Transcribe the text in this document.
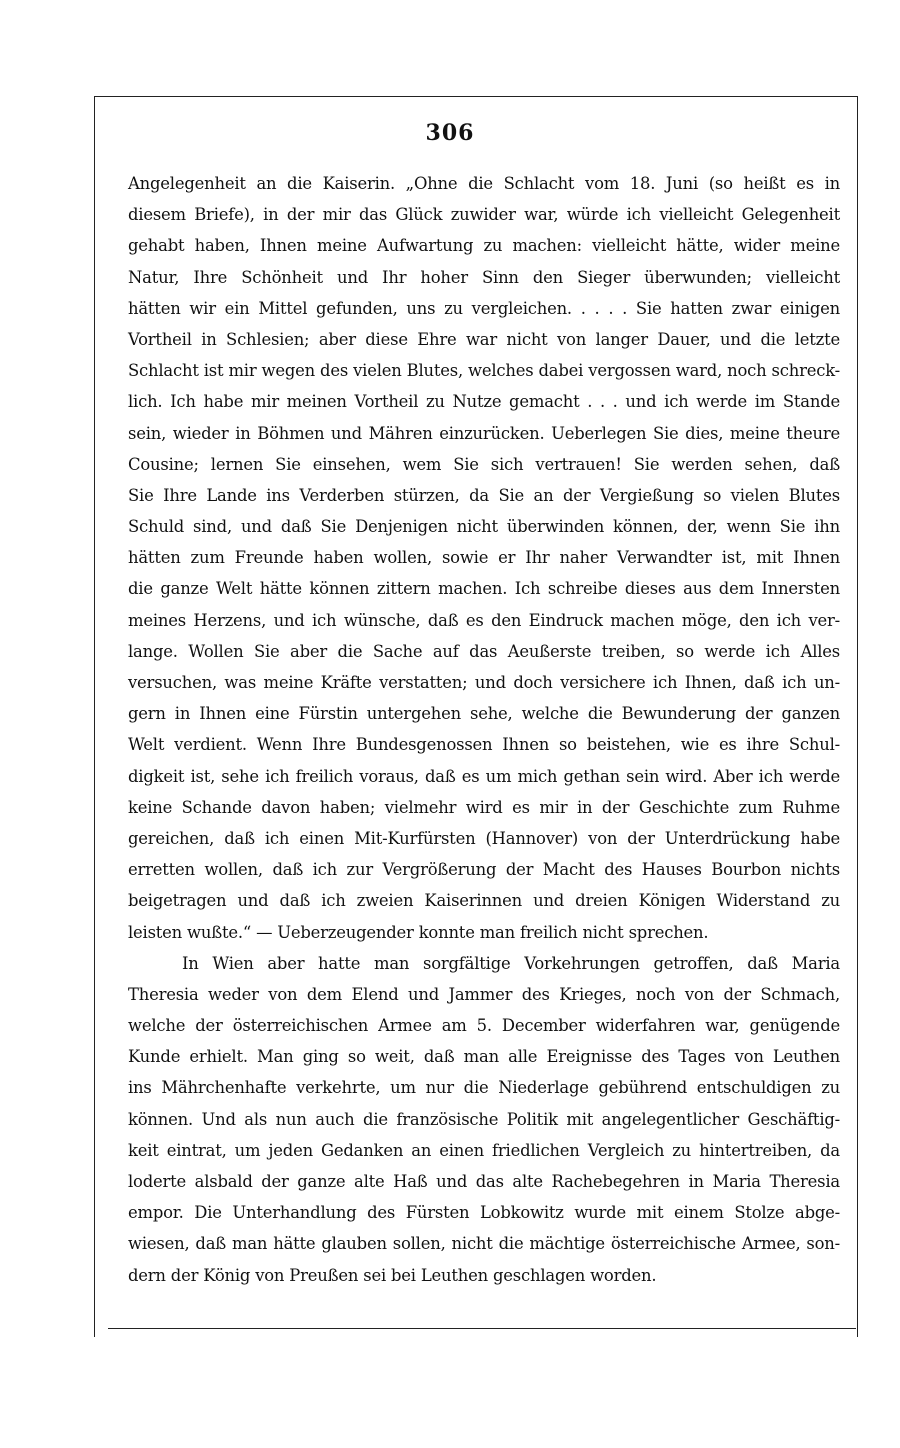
306
Angelegenheit an die Kaiserin. „Ohne die Schlacht vom 18. Juni (so heißt es in
diesem Briefe), in der mir das Glück zuwider war, würde ich vielleicht Gelegenheit
gehabt haben, Ihnen meine Aufwartung zu machen: vielleicht hätte, wider meine
Natur, Ihre Schönheit und Ihr hoher Sinn den Sieger überwunden; vielleicht
hätten wir ein Mittel gefunden, uns zu vergleichen. . . . . Sie hatten zwar einigen
Vortheil in Schlesien; aber diese Ehre war nicht von langer Dauer, und die letzte
Schlacht ist mir wegen des vielen Blutes, welches dabei vergossen ward, noch schreck-
lich. Ich habe mir meinen Vortheil zu Nutze gemacht . . . und ich werde im Stande
sein, wieder in Böhmen und Mähren einzurücken. Ueberlegen Sie dies, meine theure
Cousine; lernen Sie einsehen, wem Sie sich vertrauen! Sie werden sehen, daß
Sie Ihre Lande ins Verderben stürzen, da Sie an der Vergießung so vielen Blutes
Schuld sind, und daß Sie Denjenigen nicht überwinden können, der, wenn Sie ihn
hätten zum Freunde haben wollen, sowie er Ihr naher Verwandter ist, mit Ihnen
die ganze Welt hätte können zittern machen. Ich schreibe dieses aus dem Innersten
meines Herzens, und ich wünsche, daß es den Eindruck machen möge, den ich ver-
lange. Wollen Sie aber die Sache auf das Aeußerste treiben, so werde ich Alles
versuchen, was meine Kräfte verstatten; und doch versichere ich Ihnen, daß ich un-
gern in Ihnen eine Fürstin untergehen sehe, welche die Bewunderung der ganzen
Welt verdient. Wenn Ihre Bundesgenossen Ihnen so beistehen, wie es ihre Schul-
digkeit ist, sehe ich freilich voraus, daß es um mich gethan sein wird. Aber ich werde
keine Schande davon haben; vielmehr wird es mir in der Geschichte zum Ruhme
gereichen, daß ich einen Mit-Kurfürsten (Hannover) von der Unterdrückung habe
erretten wollen, daß ich zur Vergrößerung der Macht des Hauses Bourbon nichts
beigetragen und daß ich zweien Kaiserinnen und dreien Königen Widerstand zu
leisten wußte.“ — Ueberzeugender konnte man freilich nicht sprechen.
In Wien aber hatte man sorgfältige Vorkehrungen getroffen, daß Maria
Theresia weder von dem Elend und Jammer des Krieges, noch von der Schmach,
welche der österreichischen Armee am 5. December widerfahren war, genügende
Kunde erhielt. Man ging so weit, daß man alle Ereignisse des Tages von Leuthen
ins Mährchenhafte verkehrte, um nur die Niederlage gebührend entschuldigen zu
können. Und als nun auch die französische Politik mit angelegentlicher Geschäftig-
keit eintrat, um jeden Gedanken an einen friedlichen Vergleich zu hintertreiben, da
loderte alsbald der ganze alte Haß und das alte Rachebegehren in Maria Theresia
empor. Die Unterhandlung des Fürsten Lobkowitz wurde mit einem Stolze abge-
wiesen, daß man hätte glauben sollen, nicht die mächtige österreichische Armee, son-
dern der König von Preußen sei bei Leuthen geschlagen worden.
